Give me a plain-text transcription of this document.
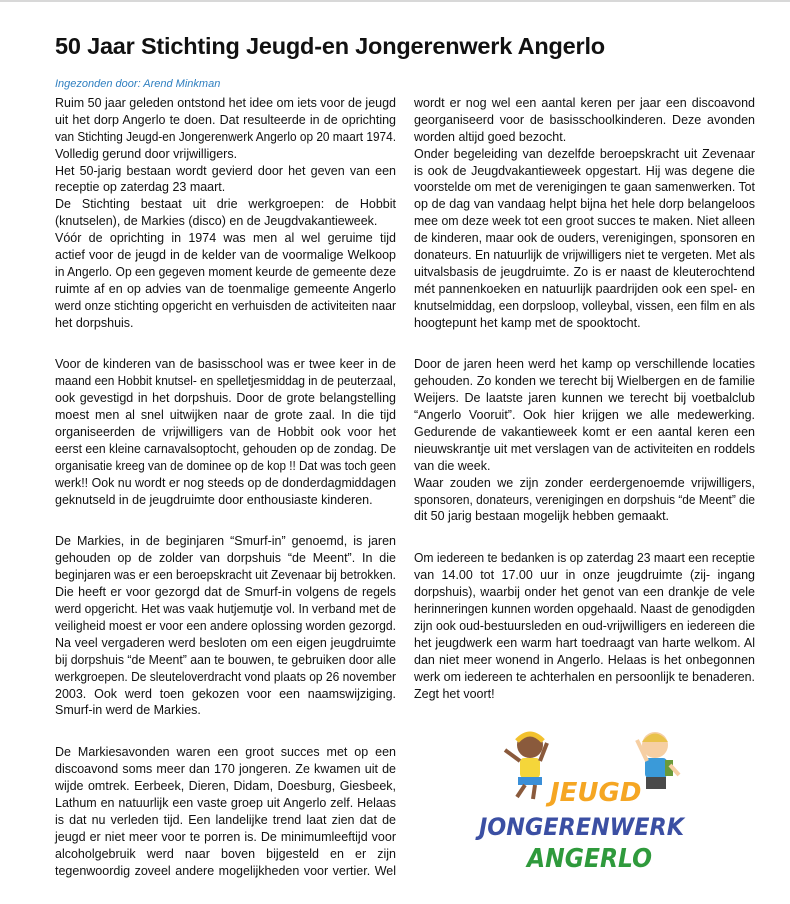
50 Jaar Stichting Jeugd-en Jongerenwerk Angerlo
Ingezonden door: Arend Minkman
Ruim 50 jaar geleden ontstond het idee om iets voor de jeugd
uit het dorp Angerlo te doen. Dat resulteerde in de oprichting
van Stichting Jeugd-en Jongerenwerk Angerlo op 20 maart 1974.
Volledig gerund door vrijwilligers.
Het 50-jarig bestaan wordt gevierd door het geven van een
receptie op zaterdag 23 maart.
De Stichting bestaat uit drie werkgroepen: de Hobbit
(knutselen), de Markies (disco) en de Jeugdvakantieweek.
Vóór de oprichting in 1974 was men al wel geruime tijd
actief voor de jeugd in de kelder van de voormalige Welkoop
in Angerlo. Op een gegeven moment keurde de gemeente deze
ruimte af en op advies van de toenmalige gemeente Angerlo
werd onze stichting opgericht en verhuisden de activiteiten naar
het dorpshuis.
Voor de kinderen van de basisschool was er twee keer in de
maand een Hobbit knutsel- en spelletjesmiddag in de peuterzaal,
ook gevestigd in het dorpshuis. Door de grote belangstelling
moest men al snel uitwijken naar de grote zaal. In die tijd
organiseerden de vrijwilligers van de Hobbit ook voor het
eerst een kleine carnavalsoptocht, gehouden op de zondag. De
organisatie kreeg van de dominee op de kop !! Dat was toch geen
werk!! Ook nu wordt er nog steeds op de donderdagmiddagen
geknutseld in de jeugdruimte door enthousiaste kinderen.
De Markies, in de beginjaren “Smurf-in” genoemd, is jaren
gehouden op de zolder van dorpshuis “de Meent”. In die
beginjaren was er een beroepskracht uit Zevenaar bij betrokken.
Die heeft er voor gezorgd dat de Smurf-in volgens de regels
werd opgericht. Het was vaak hutjemutje vol. In verband met de
veiligheid moest er voor een andere oplossing worden gezorgd.
Na veel vergaderen werd besloten om een eigen jeugdruimte
bij dorpshuis “de Meent” aan te bouwen, te gebruiken door alle
werkgroepen. De sleuteloverdracht vond plaats op 26 november
2003. Ook werd toen gekozen voor een naamswijziging.
Smurf-in werd de Markies.
De Markiesavonden waren een groot succes met op een
discoavond soms meer dan 170 jongeren. Ze kwamen uit de
wijde omtrek. Eerbeek, Dieren, Didam, Doesburg, Giesbeek,
Lathum en natuurlijk een vaste groep uit Angerlo zelf. Helaas
is dat nu verleden tijd. Een landelijke trend laat zien dat de
jeugd er niet meer voor te porren is. De minimumleeftijd voor
alcoholgebruik werd naar boven bijgesteld en er zijn
tegenwoordig zoveel andere mogelijkheden voor vertier. Wel
wordt er nog wel een aantal keren per jaar een discoavond
georganiseerd voor de basisschoolkinderen. Deze avonden
worden altijd goed bezocht.
Onder begeleiding van dezelfde beroepskracht uit Zevenaar
is ook de Jeugdvakantieweek opgestart. Hij was degene die
voorstelde om met de verenigingen te gaan samenwerken. Tot
op de dag van vandaag helpt bijna het hele dorp belangeloos
mee om deze week tot een groot succes te maken. Niet alleen
de kinderen, maar ook de ouders, verenigingen, sponsoren en
donateurs. En natuurlijk de vrijwilligers niet te vergeten. Met als
uitvalsbasis de jeugdruimte. Zo is er naast de kleuterochtend
mét pannenkoeken en natuurlijk paardrijden ook een spel- en
knutselmiddag, een dorpsloop, volleybal, vissen, een film en als
hoogtepunt het kamp met de spooktocht.
Door de jaren heen werd het kamp op verschillende locaties
gehouden. Zo konden we terecht bij Wielbergen en de familie
Weijers. De laatste jaren kunnen we terecht bij voetbalclub
“Angerlo Vooruit”. Ook hier krijgen we alle medewerking.
Gedurende de vakantieweek komt er een aantal keren een
nieuwskrantje uit met verslagen van de activiteiten en roddels
van die week.
Waar zouden we zijn zonder eerdergenoemde vrijwilligers,
sponsoren, donateurs, verenigingen en dorpshuis “de Meent” die
dit 50 jarig bestaan mogelijk hebben gemaakt.
Om iedereen te bedanken is op zaterdag 23 maart een receptie
van 14.00 tot 17.00 uur in onze jeugdruimte (zij- ingang
dorpshuis), waarbij onder het genot van een drankje de vele
herinneringen kunnen worden opgehaald. Naast de genodigden
zijn ook oud-bestuursleden en oud-vrijwilligers en iedereen die
het jeugdwerk een warm hart toedraagt van harte welkom. Al
dan niet meer wonend in Angerlo. Helaas is het onbegonnen
werk om iedereen te achterhalen en persoonlijk te benaderen.
Zegt het voort!
JEUGD
JONGERENWERK
ANGERLO
